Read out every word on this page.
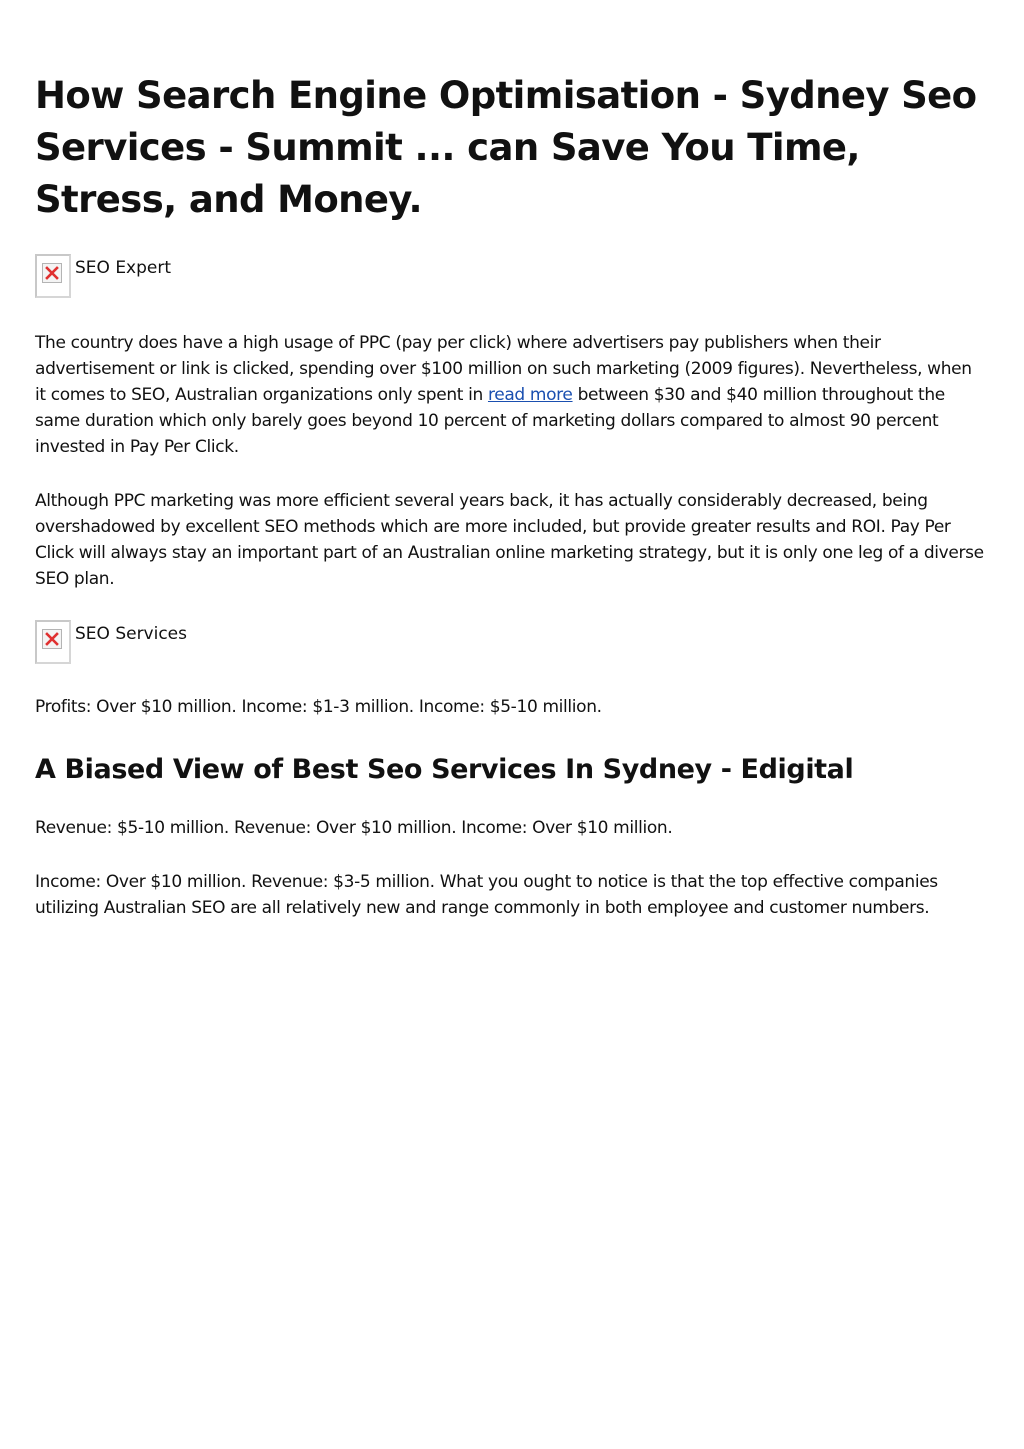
How Search Engine Optimisation - Sydney Seo Services - Summit ... can Save You Time, Stress, and Money.
SEO Expert

The country does have a high usage of PPC (pay per click) where advertisers pay publishers when their advertisement or link is clicked, spending over $100 million on such marketing (2009 figures). Nevertheless, when it comes to SEO, Australian organizations only spent in read more between $30 and $40 million throughout the same duration which only barely goes beyond 10 percent of marketing dollars compared to almost 90 percent invested in Pay Per Click.

Although PPC marketing was more efficient several years back, it has actually considerably decreased, being overshadowed by excellent SEO methods which are more included, but provide greater results and ROI. Pay Per Click will always stay an important part of an Australian online marketing strategy, but it is only one leg of a diverse SEO plan.

SEO Services

Profits: Over $10 million. Income: $1-3 million. Income: $5-10 million.

A Biased View of Best Seo Services In Sydney - Edigital

Revenue: $5-10 million. Revenue: Over $10 million. Income: Over $10 million.

Income: Over $10 million. Revenue: $3-5 million. What you ought to notice is that the top effective companies utilizing Australian SEO are all relatively new and range commonly in both employee and customer numbers.
